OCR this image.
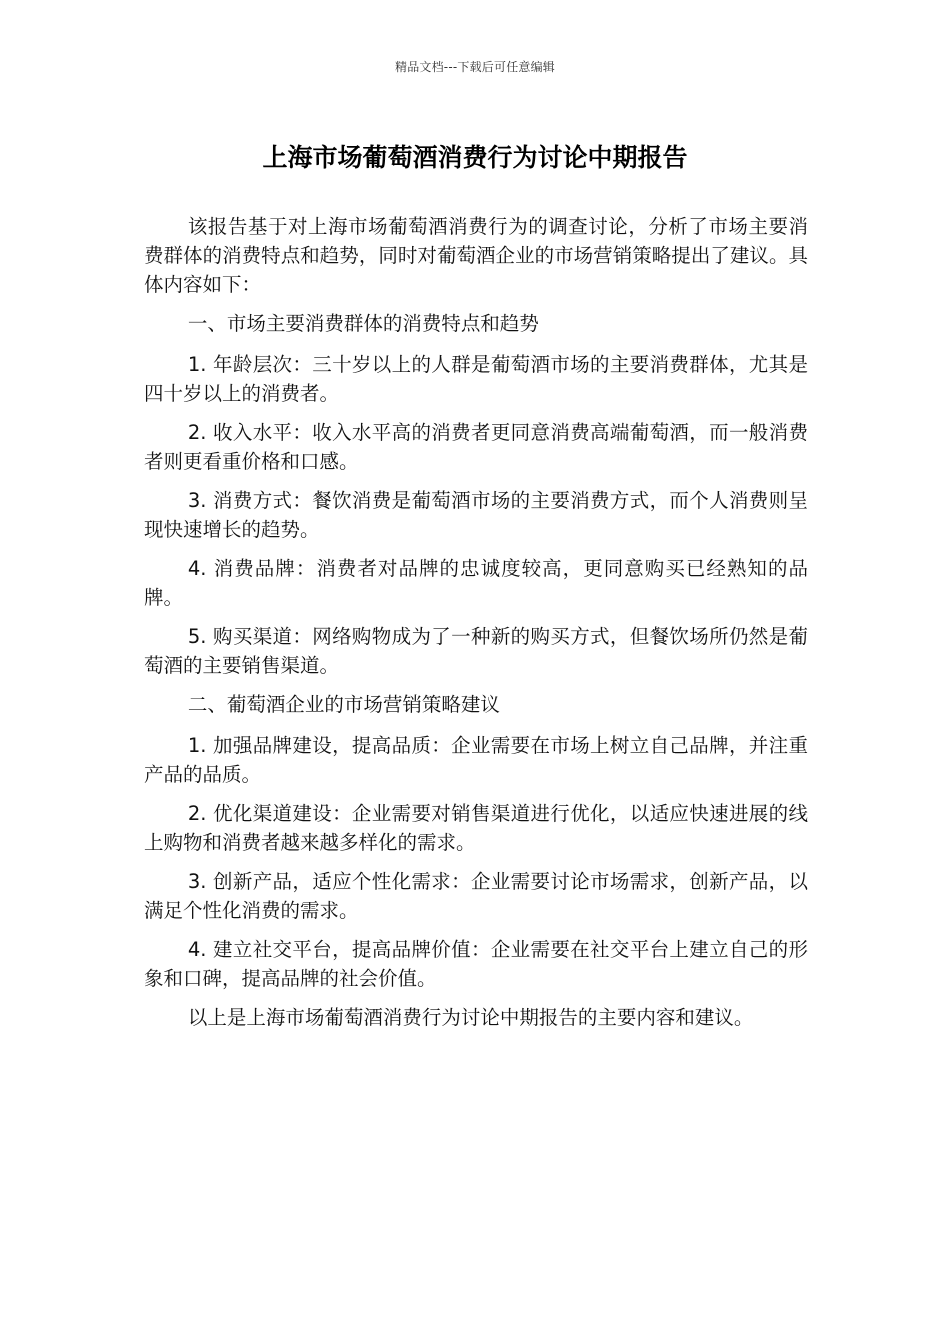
精品文档---下载后可任意编辑
上海市场葡萄酒消费行为讨论中期报告

该报告基于对上海市场葡萄酒消费行为的调查讨论，分析了市场主要消费群体的消费特点和趋势，同时对葡萄酒企业的市场营销策略提出了建议。具体内容如下：

一、市场主要消费群体的消费特点和趋势

1. 年龄层次：三十岁以上的人群是葡萄酒市场的主要消费群体，尤其是四十岁以上的消费者。

2. 收入水平：收入水平高的消费者更同意消费高端葡萄酒，而一般消费者则更看重价格和口感。

3. 消费方式：餐饮消费是葡萄酒市场的主要消费方式，而个人消费则呈现快速增长的趋势。

4. 消费品牌：消费者对品牌的忠诚度较高，更同意购买已经熟知的品牌。

5. 购买渠道：网络购物成为了一种新的购买方式，但餐饮场所仍然是葡萄酒的主要销售渠道。

二、葡萄酒企业的市场营销策略建议

1. 加强品牌建设，提高品质：企业需要在市场上树立自己品牌，并注重产品的品质。

2. 优化渠道建设：企业需要对销售渠道进行优化，以适应快速进展的线上购物和消费者越来越多样化的需求。

3. 创新产品，适应个性化需求：企业需要讨论市场需求，创新产品，以满足个性化消费的需求。

4. 建立社交平台，提高品牌价值：企业需要在社交平台上建立自己的形象和口碑，提高品牌的社会价值。

以上是上海市场葡萄酒消费行为讨论中期报告的主要内容和建议。
